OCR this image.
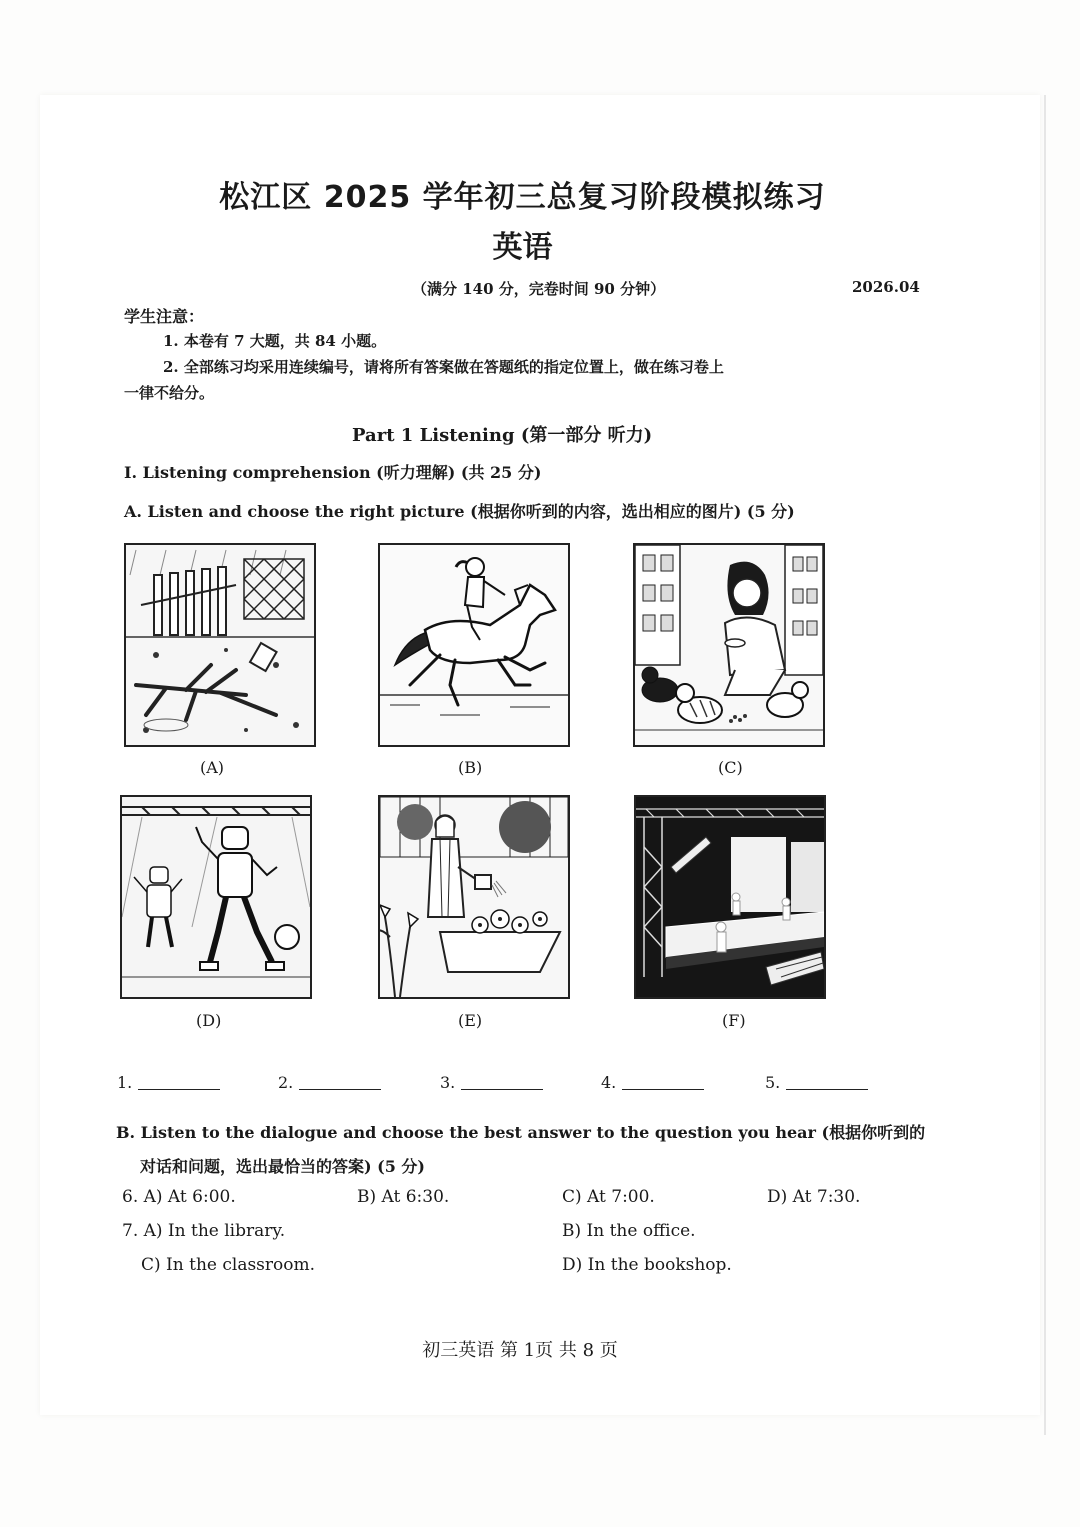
松江区 2025 学年初三总复习阶段模拟练习
英语
（满分 140 分，完卷时间 90 分钟）	2026.04
学生注意：
1. 本卷有 7 大题，共 84 小题。
2. 全部练习均采用连续编号，请将所有答案做在答题纸的指定位置上，做在练习卷上
一律不给分。
Part 1 Listening (第一部分 听力)
I. Listening comprehension (听力理解) (共 25 分)
A. Listen and choose the right picture (根据你听到的内容，选出相应的图片) (5 分)
(A)	(B)	(C)
(D)	(E)	(F)
1.	2.	3.	4.	5.
B. Listen to the dialogue and choose the best answer to the question you hear (根据你听到的
对话和问题，选出最恰当的答案) (5 分)
6. A) At 6:00.	B) At 6:30.	C) At 7:00.	D) At 7:30.
7. A) In the library.	B) In the office.
C) In the classroom.	D) In the bookshop.
初三英语 第 1页 共 8 页
